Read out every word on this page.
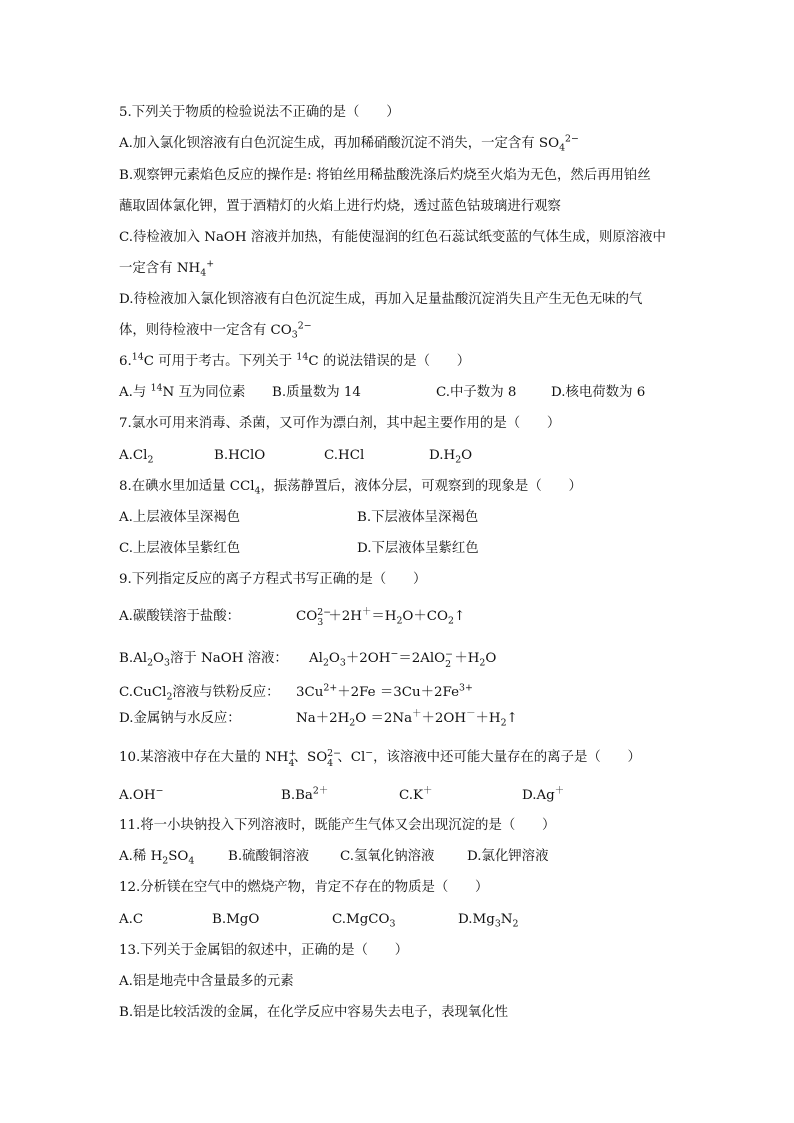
5.下列关于物质的检验说法不正确的是（　　）
A.加入氯化钡溶液有白色沉淀生成，再加稀硝酸沉淀不消失，一定含有 $SO_4^{2-}$
B.观察钾元素焰色反应的操作是: 将铂丝用稀盐酸洗涤后灼烧至火焰为无色，然后再用铂丝
蘸取固体氯化钾，置于酒精灯的火焰上进行灼烧，透过蓝色钴玻璃进行观察
C.待检液加入 NaOH 溶液并加热，有能使湿润的红色石蕊试纸变蓝的气体生成，则原溶液中
一定含有 $NH_4^+$
D.待检液加入氯化钡溶液有白色沉淀生成，再加入足量盐酸沉淀消失且产生无色无味的气
体，则待检液中一定含有 $CO_3^{2-}$
6.14C 可用于考古。下列关于 $^{14}$C 的说法错误的是（　　）
A.与 $^{14}$N 互为同位素 B.质量数为 14	C.中子数为 8	D.核电荷数为 6
7.氯水可用来消毒、杀菌，又可作为漂白剂，其中起主要作用的是（　　）
$A.Cl_2$	B.HClO	C.HCl	$D.H_2O$
8.在碘水里加适量 CCl$_4$，振荡静置后，液体分层，可观察到的现象是（　　）
A.上层液体呈深褐色	B.下层液体呈深褐色
C.上层液体呈紫红色	D.下层液体呈紫红色
9.下列指定反应的离子方程式书写正确的是（　　）
A.碳酸镁溶于盐酸：	CO 2−
$3 +2H^+=H_2O+CO_2↑$
$B.Al_2O_3$溶于 NaOH 溶液： $Al_2O_3+2OH^-=2AlO$ −
$2 +H_2O$
C.CuCl$_2$溶液与铁粉反应： $3Cu^{2+}+2Fe =3Cu+2Fe^{3+}$
D.金属钠与水反应：	$Na+2H_2O$ $=2Na^++2OH^-+H_2↑$
10.某溶液中存在大量的 NH +
4 、SO 2−
4 、Cl−，该溶液中还可能大量存在的离子是（　　）
A.OH−	$B.Ba^{2+}$	C.K＋	D.Ag＋
11.将一小块钠投入下列溶液时，既能产生气体又会出现沉淀的是（　　）
A.稀 $H_2SO_4$	B.硫酸铜溶液 C.氢氧化钠溶液 D.氯化钾溶液
12.分析镁在空气中的燃烧产物，肯定不存在的物质是（　　）
A.C	B.MgO	C.MgCO$_3$	$D.Mg_3N_2$
13.下列关于金属铝的叙述中，正确的是（　　）
A.铝是地壳中含量最多的元素
B.铝是比较活泼的金属，在化学反应中容易失去电子，表现氧化性
